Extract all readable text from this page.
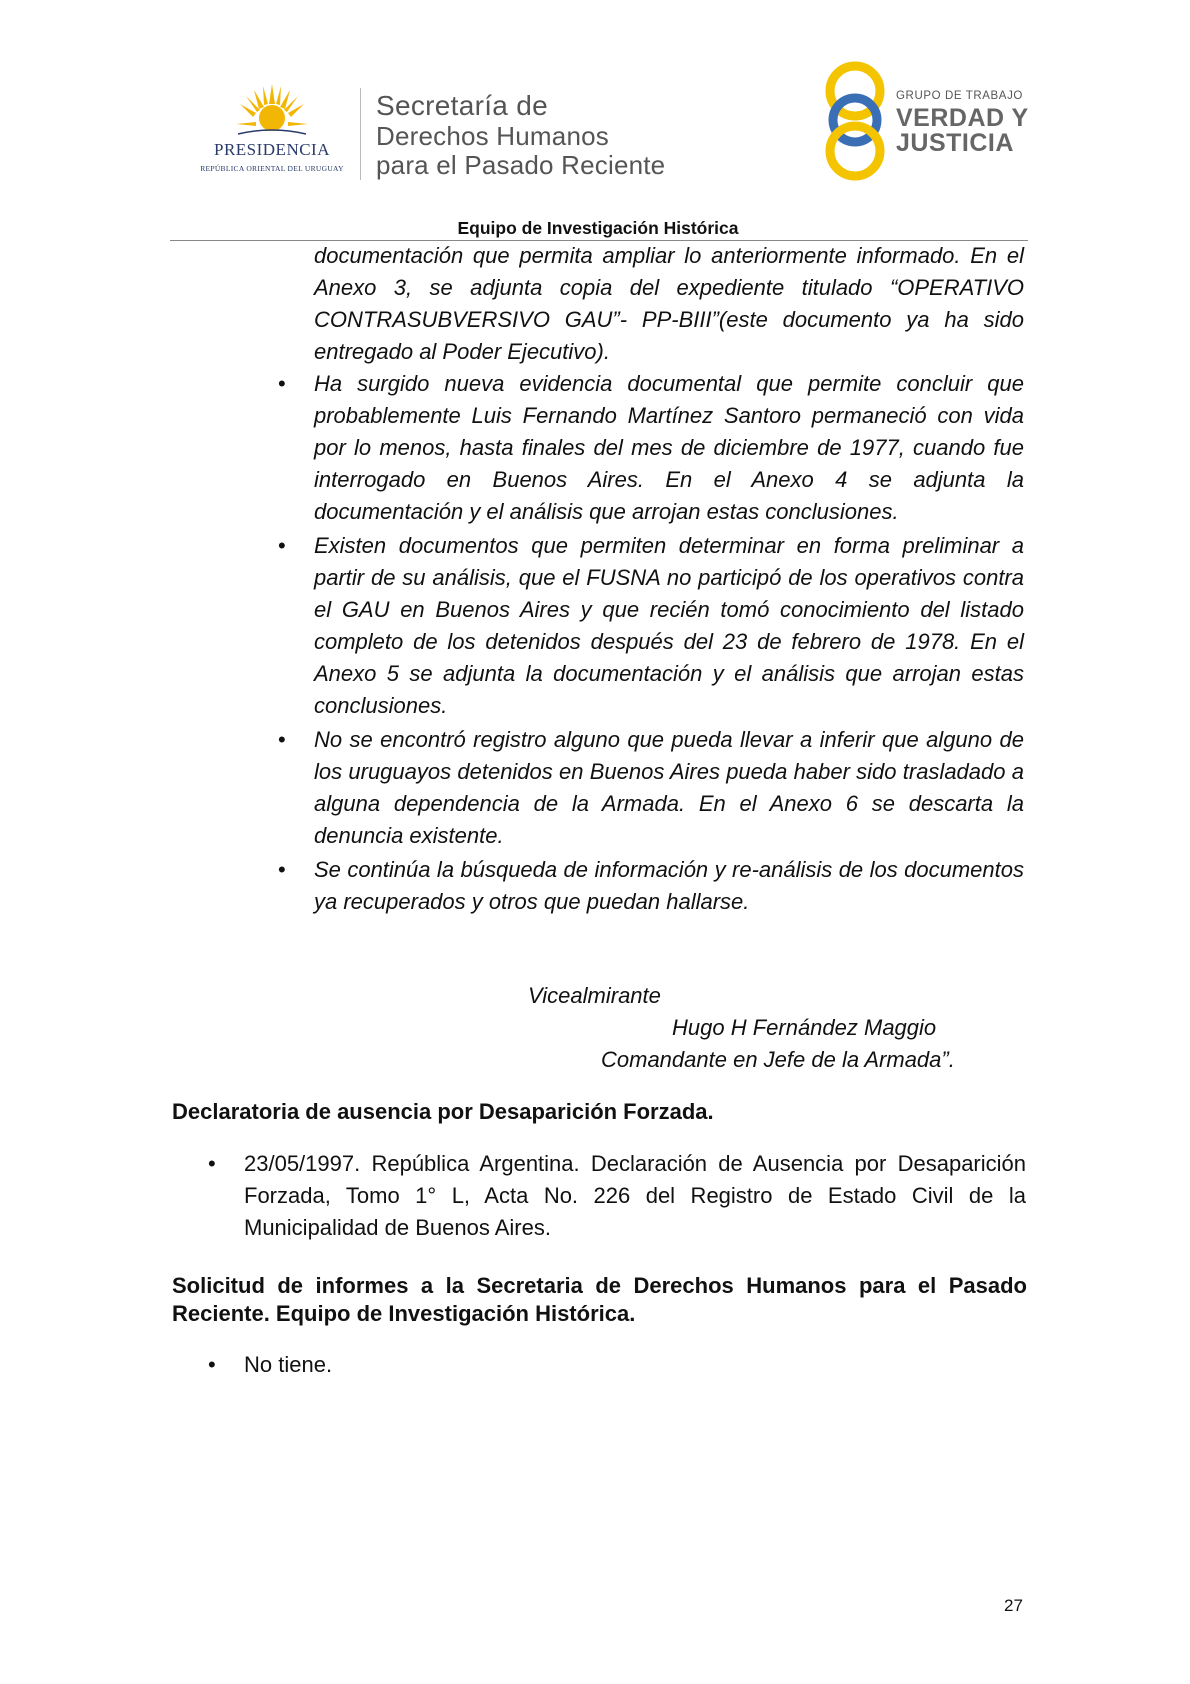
PRESIDENCIA
REPÚBLICA ORIENTAL DEL URUGUAY
Secretaría de
Derechos Humanos
para el Pasado Reciente
GRUPO DE TRABAJO
VERDAD Y
JUSTICIA
Equipo de Investigación Histórica
documentación que permita ampliar lo anteriormente informado. En el Anexo 3, se adjunta copia del expediente titulado “OPERATIVO CONTRASUBVERSIVO GAU”- PP-BIII”(este documento ya ha sido entregado al Poder Ejecutivo).
• Ha surgido nueva evidencia documental que permite concluir que probablemente Luis Fernando Martínez Santoro permaneció con vida por lo menos, hasta finales del mes de diciembre de 1977, cuando fue interrogado en Buenos Aires. En el Anexo 4 se adjunta la documentación y el análisis que arrojan estas conclusiones.
• Existen documentos que permiten determinar en forma preliminar a partir de su análisis, que el FUSNA no participó de los operativos contra el GAU en Buenos Aires y que recién tomó conocimiento del listado completo de los detenidos después del 23 de febrero de 1978. En el Anexo 5 se adjunta la documentación y el análisis que arrojan estas conclusiones.
• No se encontró registro alguno que pueda llevar a inferir que alguno de los uruguayos detenidos en Buenos Aires pueda haber sido trasladado a alguna dependencia de la Armada. En el Anexo 6 se descarta la denuncia existente.
• Se continúa la búsqueda de información y re-análisis de los documentos ya recuperados y otros que puedan hallarse.
Vicealmirante
Hugo H Fernández Maggio
Comandante en Jefe de la Armada”.
Declaratoria de ausencia por Desaparición Forzada.
• 23/05/1997. República Argentina. Declaración de Ausencia por Desaparición Forzada, Tomo 1° L, Acta No. 226 del Registro de Estado Civil de la Municipalidad de Buenos Aires.
Solicitud de informes a la Secretaria de Derechos Humanos para el Pasado Reciente. Equipo de Investigación Histórica.
• No tiene.
27
